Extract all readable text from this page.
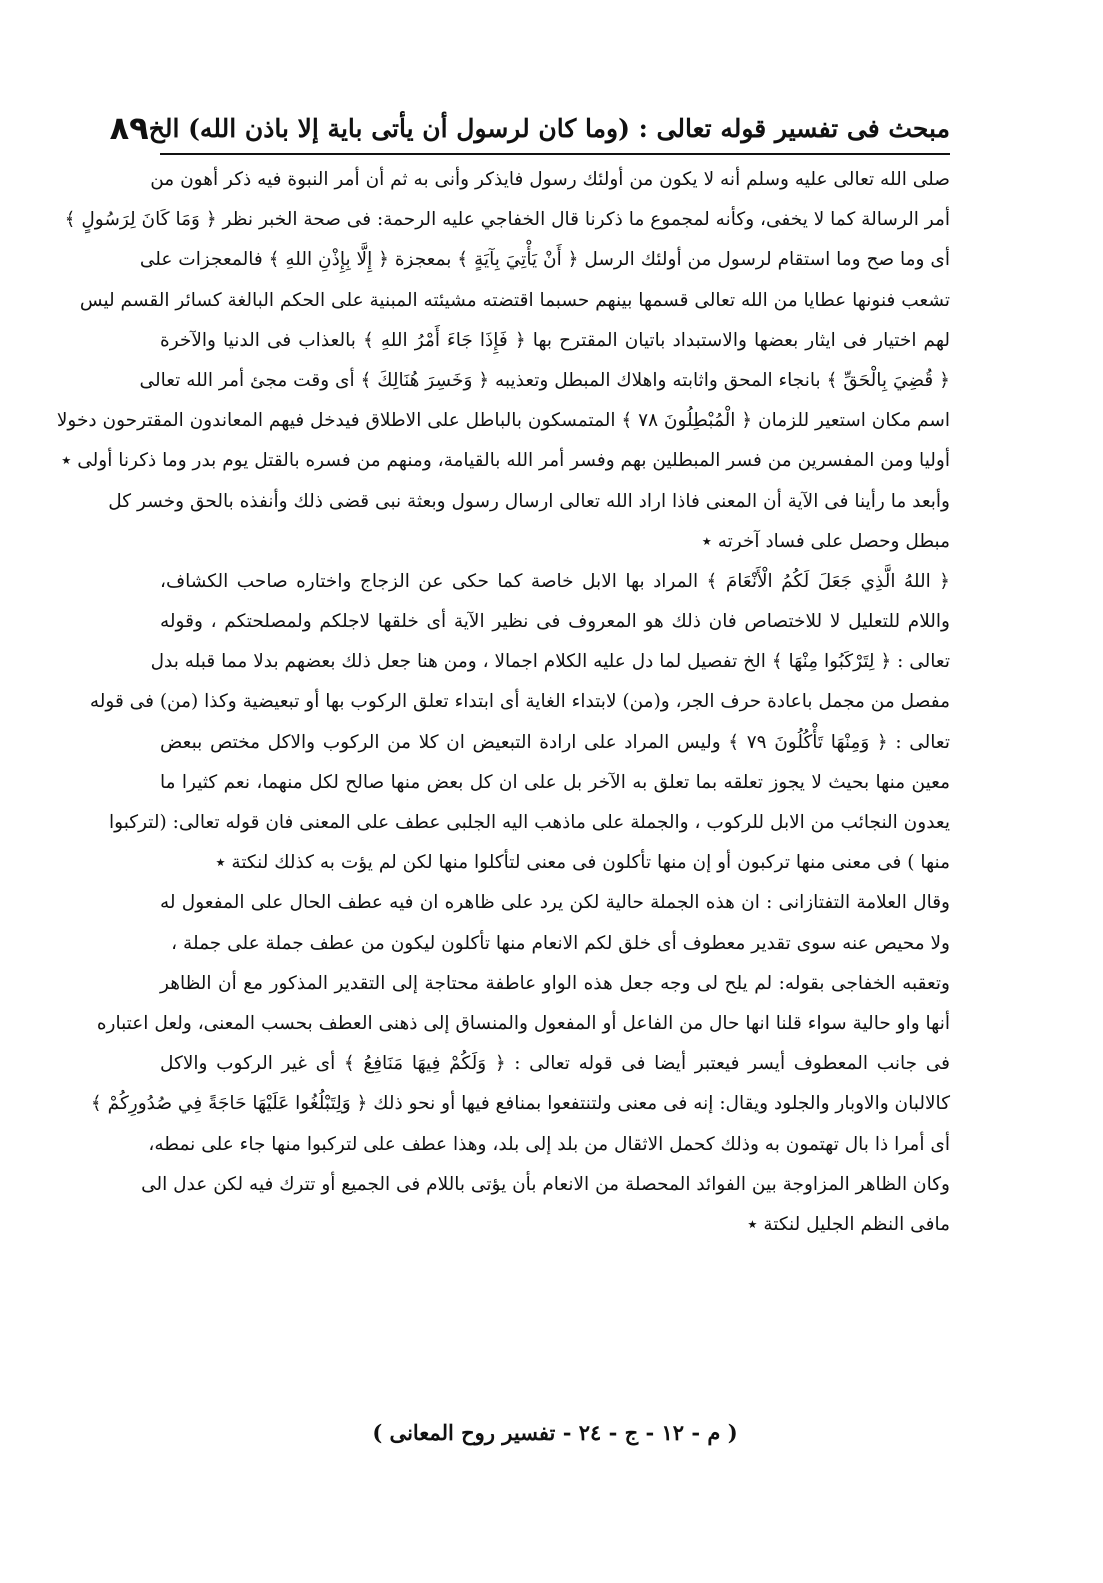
مبحث فى تفسير قوله تعالى : (وما كان لرسول أن يأتى باية إلا باذن الله) الخ
٨٩
صلى الله تعالى عليه وسلم أنه لا يكون من أولئك رسول فايذكر وأنى به ثم أن أمر النبوة فيه ذكر أهون من
أمر الرسالة كما لا يخفى، وكأنه لمجموع ما ذكرنا قال الخفاجي عليه الرحمة: فى صحة الخبر نظر ﴿ وَمَا كَانَ لِرَسُولٍ ﴾
أى وما صح وما استقام لرسول من أولئك الرسل ﴿ أَنْ يَأْتِيَ بِآيَةٍ ﴾ بمعجزة ﴿ إِلَّا بِإِذْنِ اللهِ ﴾ فالمعجزات على
تشعب فنونها عطايا من الله تعالى قسمها بينهم حسبما اقتضته مشيئته المبنية على الحكم البالغة كسائر القسم ليس
لهم اختيار فى ايثار بعضها والاستبداد باتيان المقترح بها ﴿ فَإِذَا جَاءَ أَمْرُ اللهِ ﴾ بالعذاب فى الدنيا والآخرة
﴿ قُضِيَ بِالْحَقِّ ﴾ بانجاء المحق واثابته واهلاك المبطل وتعذيبه ﴿ وَخَسِرَ هُنَالِكَ ﴾ أى وقت مجئ أمر الله تعالى
اسم مكان استعير للزمان ﴿ الْمُبْطِلُونَ ٧٨ ﴾ المتمسكون بالباطل على الاطلاق فيدخل فيهم المعاندون المقترحون دخولا
أوليا ومن المفسرين من فسر المبطلين بهم وفسر أمر الله بالقيامة، ومنهم من فسره بالقتل يوم بدر وما ذكرنا أولى ٭
وأبعد ما رأينا فى الآية أن المعنى فاذا اراد الله تعالى ارسال رسول وبعثة نبى قضى ذلك وأنفذه بالحق وخسر كل
مبطل وحصل على فساد آخرته ٭
﴿ اللهُ الَّذِي جَعَلَ لَكُمُ الْأَنْعَامَ ﴾ المراد بها الابل خاصة كما حكى عن الزجاج واختاره صاحب الكشاف،
واللام للتعليل لا للاختصاص فان ذلك هو المعروف فى نظير الآية أى خلقها لاجلكم ولمصلحتكم ، وقوله
تعالى : ﴿ لِتَرْكَبُوا مِنْهَا ﴾ الخ تفصيل لما دل عليه الكلام اجمالا ، ومن هنا جعل ذلك بعضهم بدلا مما قبله بدل
مفصل من مجمل باعادة حرف الجر، و(من) لابتداء الغاية أى ابتداء تعلق الركوب بها أو تبعيضية وكذا (من) فى قوله
تعالى : ﴿ وَمِنْهَا تَأْكُلُونَ ٧٩ ﴾ وليس المراد على ارادة التبعيض ان كلا من الركوب والاكل مختص ببعض
معين منها بحيث لا يجوز تعلقه بما تعلق به الآخر بل على ان كل بعض منها صالح لكل منهما، نعم كثيرا ما
يعدون النجائب من الابل للركوب ، والجملة على ماذهب اليه الجلبى عطف على المعنى فان قوله تعالى: (لتركبوا
منها ) فى معنى منها تركبون أو إن منها تأكلون فى معنى لتأكلوا منها لكن لم يؤت به كذلك لنكتة ٭
وقال العلامة التفتازانى : ان هذه الجملة حالية لكن يرد على ظاهره ان فيه عطف الحال على المفعول له
ولا محيص عنه سوى تقدير معطوف أى خلق لكم الانعام منها تأكلون ليكون من عطف جملة على جملة ،
وتعقبه الخفاجى بقوله: لم يلح لى وجه جعل هذه الواو عاطفة محتاجة إلى التقدير المذكور مع أن الظاهر
أنها واو حالية سواء قلنا انها حال من الفاعل أو المفعول والمنساق إلى ذهنى العطف بحسب المعنى، ولعل اعتباره
فى جانب المعطوف أيسر فيعتبر أيضا فى قوله تعالى : ﴿ وَلَكُمْ فِيهَا مَنَافِعُ ﴾ أى غير الركوب والاكل
كالالبان والاوبار والجلود ويقال: إنه فى معنى ولتنتفعوا بمنافع فيها أو نحو ذلك ﴿ وَلِتَبْلُغُوا عَلَيْهَا حَاجَةً فِي صُدُورِكُمْ ﴾
أى أمرا ذا بال تهتمون به وذلك كحمل الاثقال من بلد إلى بلد، وهذا عطف على لتركبوا منها جاء على نمطه،
وكان الظاهر المزاوجة بين الفوائد المحصلة من الانعام بأن يؤتى باللام فى الجميع أو تترك فيه لكن عدل الى
مافى النظم الجليل لنكتة ٭
( م - ١٢ - ج - ٢٤ - تفسير روح المعانى )
